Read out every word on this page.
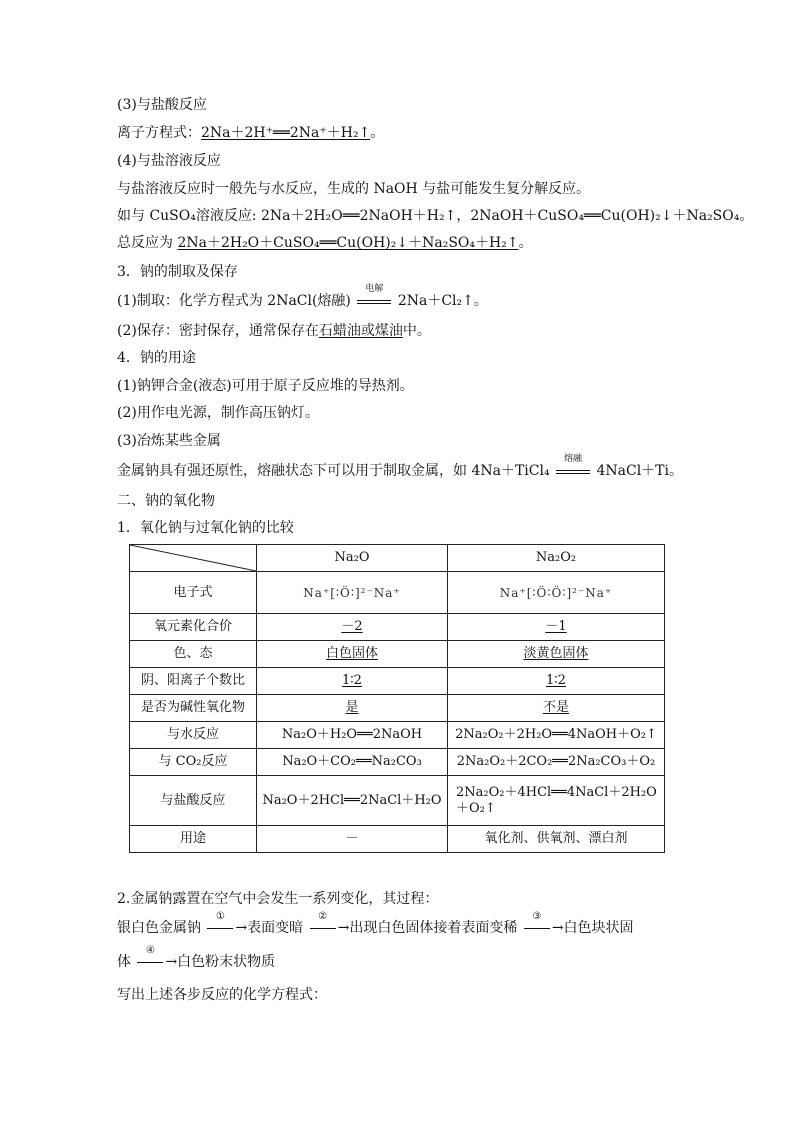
(3)与盐酸反应
离子方程式：2Na＋2H⁺══2Na⁺＋H₂↑。
(4)与盐溶液反应
与盐溶液反应时一般先与水反应，生成的 NaOH 与盐可能发生复分解反应。
如与 CuSO₄溶液反应: 2Na＋2H₂O══2NaOH＋H₂↑，2NaOH＋CuSO₄══Cu(OH)₂↓＋Na₂SO₄。
总反应为 2Na＋2H₂O＋CuSO₄══Cu(OH)₂↓＋Na₂SO₄＋H₂↑。
3．钠的制取及保存
(1)制取：化学方程式为 2NaCl(熔融)
电解
2Na＋Cl₂↑。
(2)保存：密封保存，通常保存在石蜡油或煤油中。
4．钠的用途
(1)钠钾合金(液态)可用于原子反应堆的导热剂。
(2)用作电光源，制作高压钠灯。
(3)冶炼某些金属
金属钠具有强还原性，熔融状态下可以用于制取金属，如 4Na＋TiCl₄
熔融
4NaCl＋Ti。
二、钠的氧化物
1．氧化钠与过氧化钠的比较
	Na₂O	Na₂O₂
电子式	Na⁺[∶Ö∶]²⁻Na⁺	Na⁺[∶Ö∶Ö∶]²⁻Na⁺
氧元素化合价	－2	－1
色、态	白色固体	淡黄色固体
阴、阳离子个数比	1∶2	1∶2
是否为碱性氧化物	是	不是
与水反应	Na₂O＋H₂O══2NaOH	2Na₂O₂＋2H₂O══4NaOH＋O₂↑
与 CO₂反应	Na₂O＋CO₂══Na₂CO₃	2Na₂O₂＋2CO₂══2Na₂CO₃＋O₂
与盐酸反应	Na₂O＋2HCl══2NaCl＋H₂O	2Na₂O₂＋4HCl══4NaCl＋2H₂O＋O₂↑
用途	－	氧化剂、供氧剂、漂白剂
2.金属钠露置在空气中会发生一系列变化，其过程：
银白色金属钠
①
→表面变暗
②
→出现白色固体接着表面变稀
③
→白色块状固
体
④
→白色粉末状物质
写出上述各步反应的化学方程式：
